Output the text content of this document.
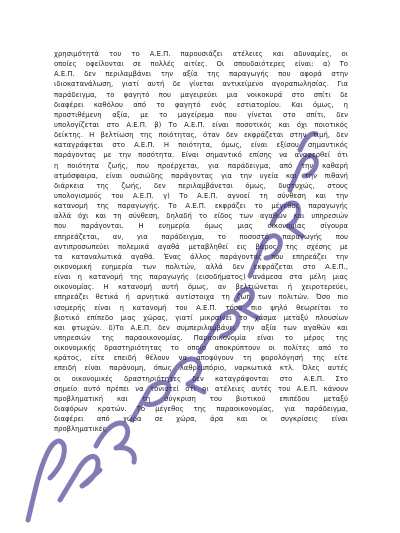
χρησιμότητά του το Α.Ε.Π. παρουσιάζει ατέλειες και αδυναμίες, οι
οποίες οφείλονται σε πολλές αιτίες. Οι σπουδαιότερες είναι: α) Το
Α.Ε.Π. δεν περιλαμβάνει την αξία της παραγωγής που αφορά στην
ιδιοκατανάλωση, γιατί αυτή δε γίνεται αντικείμενο αγοραπωλησίας. Για
παράδειγμα, το φαγητό που μαγειρεύει μια νοικοκυρά στο σπίτι δε
διαφέρει καθόλου από το φαγητό ενός εστιατορίου. Και όμως, η
προστιθέμενη αξία, με το μαγείρεμα που γίνεται στο σπίτι, δεν
υπολογίζεται στο Α.Ε.Π. β) Το Α.Ε.Π. είναι ποσοτικός και όχι ποιοτικός
δείκτης. Η βελτίωση της ποιότητας, όταν δεν εκφράζεται στην τιμή, δεν
καταγράφεται στο Α.Ε.Π. Η ποιότητα, όμως, είναι εξίσου σημαντικός
παράγοντας με την ποσότητα. Είναι σημαντικό επίσης να αναφερθεί ότι
η ποιότητα ζωής, που προέρχεται, για παράδειγμα, από την καθαρή
ατμόσφαιρα, είναι ουσιώδης παράγοντας για την υγεία και την πιθανή
διάρκεια της ζωής, δεν περιλαμβάνεται όμως, δυστυχώς, στους
υπολογισμούς του Α.Ε.Π. γ) Το Α.Ε.Π. αγνοεί τη σύνθεση και την
κατανομή της παραγωγής. Το Α.Ε.Π. εκφράζει το μέγεθος παραγωγής
αλλά όχι και τη σύνθεση, δηλαδή το είδος των αγαθών και υπηρεσιών
που παράγονται. Η ευημερία όμως μιας οικονομίας σίγουρα
επηρεάζεται, αν, για παράδειγμα, το ποσοστό παραγωγής που
αντιπροσωπεύει πολεμικά αγαθά μεταβληθεί εις βάρος της σχέσης με
τα καταναλωτικά αγαθά. Ένας άλλος παράγοντας που επηρεάζει την
οικονομική ευημερία των πολιτών, αλλά δεν εκφράζεται στο Α.Ε.Π.,
είναι η κατανομή της παραγωγής (εισοδήματος) ανάμεσα στα μέλη μιας
οικονομίας. Η κατανομή αυτή όμως, αν βελτιώνεται ή χειροτερεύει,
επηρεάζει θετικά ή αρνητικά αντίστοιχα τη ζωή των πολιτών. Όσο πιο
ισομερής είναι η κατανομή του Α.Ε.Π. τόσο πιο ψηλό θεωρείται το
βιοτικό επίπεδο μιας χώρας, γιατί μικραίνει το χάσμα μεταξύ πλουσίων
και φτωχών. δ)Το Α.Ε.Π. δεν συμπεριλαμβάνει την αξία των αγαθών και
υπηρεσιών της παραοικονομίας. Παραοικονομία είναι το μέρος της
οικονομικής δραστηριότητας το οποίο αποκρύπτουν οι πολίτες από το
κράτος, είτε επειδή θέλουν να αποφύγουν τη φορολόγησή της είτε
επειδή είναι παράνομη, όπως λαθρεμπόριο, ναρκωτικά κτλ. Όλες αυτές
οι οικονομικές δραστηριότητες δεν καταγράφονται στο Α.Ε.Π. Στο
σημείο αυτό πρέπει να τονιστεί ότι οι ατέλειες αυτές του Α.Ε.Π. κάνουν
προβληματική και τη σύγκριση του βιοτικού επιπέδου μεταξύ
διαφόρων κρατών. Το μέγεθος της παραοικονομίας, για παράδειγμα,
διαφέρει από χώρα σε χώρα, άρα και οι συγκρίσεις είναι
προβληματικές
